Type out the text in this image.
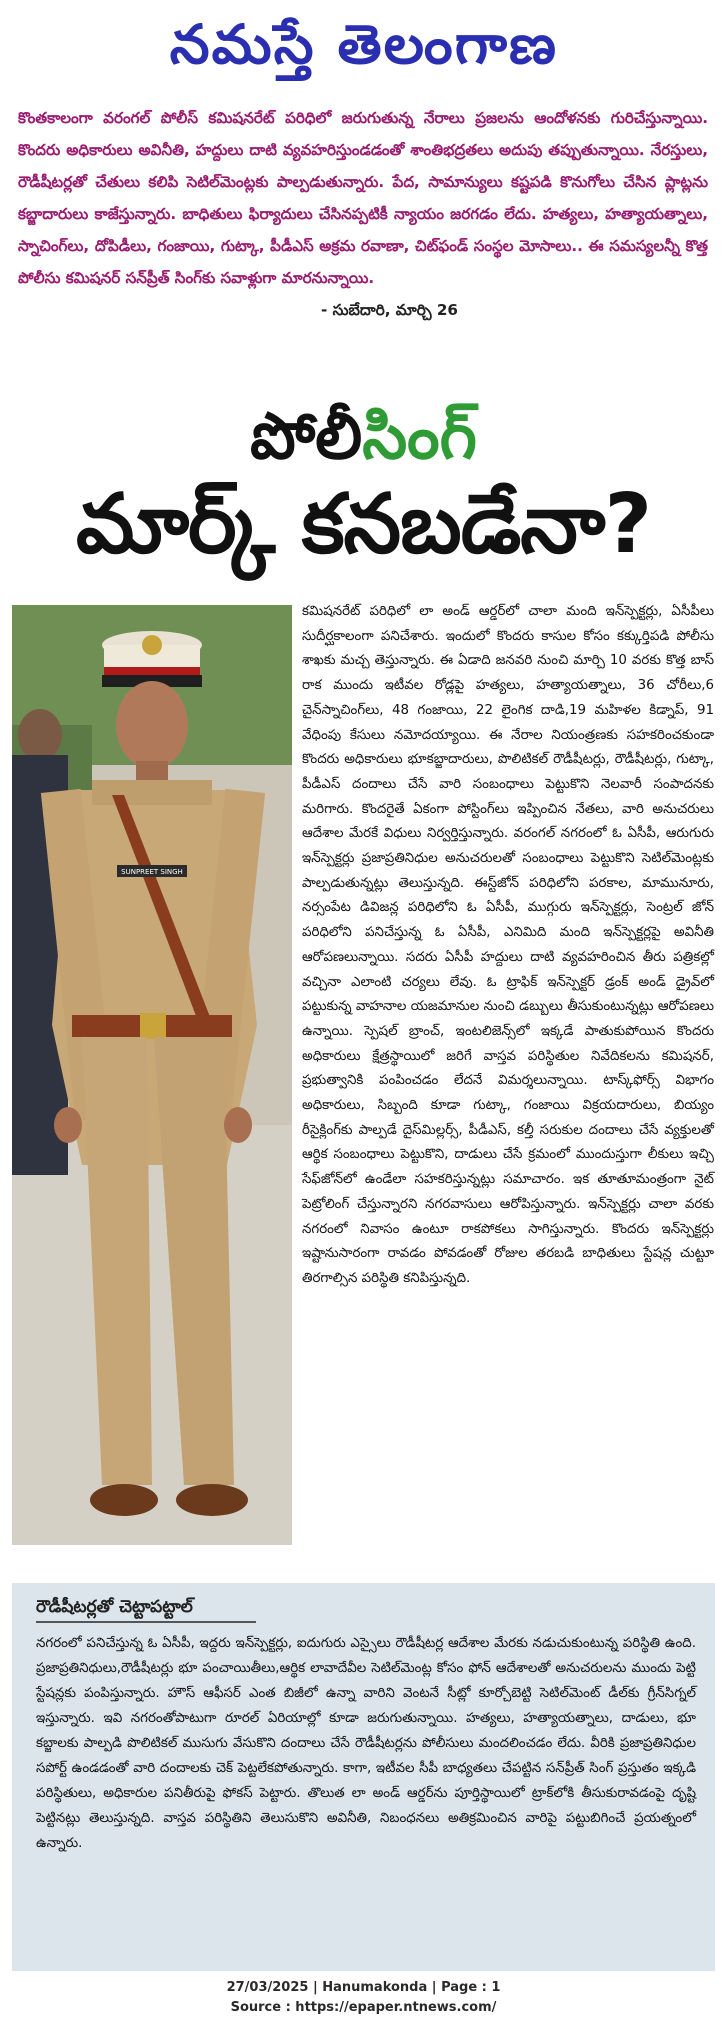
నమస్తే తెలంగాణ

కొంతకాలంగా వరంగల్ పోలీస్ కమిషనరేట్ పరిధిలో జరుగుతున్న నేరాలు ప్రజలను ఆందోళనకు గురిచేస్తున్నాయి. కొందరు అధికారులు అవినీతి, హద్దులు దాటి వ్యవహరిస్తుండడంతో శాంతిభద్రతలు అదుపు తప్పుతున్నాయి. నేరస్తులు, రౌడీషీటర్లతో చేతులు కలిపి సెటిల్‌మెంట్లకు పాల్పడుతున్నారు. పేద, సామాన్యులు కష్టపడి కొనుగోలు చేసిన ప్లాట్లను కబ్జాదారులు కాజేస్తున్నారు. బాధితులు ఫిర్యాదులు చేసినప్పటికీ న్యాయం జరగడం లేదు. హత్యలు, హత్యాయత్నాలు, స్నాచింగ్‌లు, దోపిడీలు, గంజాయి, గుట్కా, పీడీఎస్ అక్రమ రవాణా, చిట్‌ఫండ్ సంస్థల మోసాలు.. ఈ సమస్యలన్నీ కొత్త పోలీసు కమిషనర్ సన్‌ప్రీత్ సింగ్‌కు సవాళ్లుగా మారనున్నాయి.
- సుబేదారి, మార్చి 26

పోలీసింగ్
మార్క్ కనబడేనా?
SUNPREET SINGH

కమిషనరేట్ పరిధిలో లా అండ్ ఆర్డర్‌లో చాలా మంది ఇన్‌స్పెక్టర్లు, ఏసీపీలు సుదీర్ఘకాలంగా పనిచేశారు. ఇందులో కొందరు కాసుల కోసం కక్కుర్తిపడి పోలీసు శాఖకు మచ్చ తెస్తున్నారు. ఈ ఏడాది జనవరి నుంచి మార్చి 10 వరకు కొత్త బాస్ రాక ముందు ఇటీవల రోడ్లపై హత్యలు, హత్యాయత్నాలు, 36 చోరీలు,6 చైన్‌స్నాచింగ్‌లు, 48 గంజాయి, 22 లైంగిక దాడి,19 మహిళల కిడ్నాప్, 91 వేధింపు కేసులు నమోదయ్యాయి. ఈ నేరాల నియంత్రణకు సహకరించకుండా కొందరు అధికారులు భూకబ్జాదారులు, పొలిటికల్ రౌడీషీటర్లు, రౌడీషీటర్లు, గుట్కా, పీడీఎస్ దందాలు చేసే వారి సంబంధాలు పెట్టుకొని నెలవారీ సంపాదనకు మరిగారు. కొందరైతే ఏకంగా పోస్టింగ్‌లు ఇప్పించిన నేతలు, వారి అనుచరులు ఆదేశాల మేరకే విధులు నిర్వర్తిస్తున్నారు. వరంగల్ నగరంలో ఓ ఏసీపీ, ఆరుగురు ఇన్‌స్పెక్టర్లు ప్రజాప్రతినిధుల అనుచరులతో సంబంధాలు పెట్టుకొని సెటిల్‌మెంట్లకు పాల్పడుతున్నట్లు తెలుస్తున్నది. ఈస్ట్‌జోన్ పరిధిలోని పరకాల, మామునూరు, నర్సంపేట డివిజన్ల పరిధిలోని ఓ ఏసీపీ, ముగ్గురు ఇన్‌స్పెక్టర్లు, సెంట్రల్ జోన్ పరిధిలోని పనిచేస్తున్న ఓ ఏసీపీ, ఎనిమిది మంది ఇన్‌స్పెక్టర్లపై అవినీతి ఆరోపణలున్నాయి. సదరు ఏసీపీ హద్దులు దాటి వ్యవహరించిన తీరు పత్రికల్లో వచ్చినా ఎలాంటి చర్యలు లేవు. ఓ ట్రాఫిక్ ఇన్‌స్పెక్టర్ డ్రంక్ అండ్ డ్రైవ్‌లో పట్టుకున్న వాహనాల యజమానుల నుంచి డబ్బులు తీసుకుంటున్నట్లు ఆరోపణలు ఉన్నాయి. స్పెషల్ బ్రాంచ్, ఇంటలిజెన్స్‌లో ఇక్కడే పాతుకుపోయిన కొందరు అధికారులు క్షేత్రస్థాయిలో జరిగే వాస్తవ పరిస్థితుల నివేదికలను కమిషనర్, ప్రభుత్వానికి పంపించడం లేదనే విమర్శలున్నాయి. టాస్క్‌ఫోర్స్ విభాగం అధికారులు, సిబ్బంది కూడా గుట్కా, గంజాయి విక్రయదారులు, బియ్యం రీసైక్లింగ్‌కు పాల్పడే దైస్‌మిల్లర్స్, పీడీఎస్, కల్తీ సరుకుల దందాలు చేసే వ్యక్తులతో ఆర్థిక సంబంధాలు పెట్టుకొని, దాడులు చేసే క్రమంలో ముందుస్తుగా లీకులు ఇచ్చి సేఫ్‌జోన్‌లో ఉండేలా సహకరిస్తున్నట్లు సమాచారం. ఇక తూతూమంత్రంగా నైట్ పెట్రోలింగ్ చేస్తున్నారని నగరవాసులు ఆరోపిస్తున్నారు. ఇన్‌స్పెక్టర్లు చాలా వరకు నగరంలో నివాసం ఉంటూ రాకపోకలు సాగిస్తున్నారు. కొందరు ఇన్‌స్పెక్టర్లు ఇష్టానుసారంగా రావడం పోవడంతో రోజుల తరబడి బాధితులు స్టేషన్ల చుట్టూ తిరగాల్సిన పరిస్థితి కనిపిస్తున్నది.

రౌడీషీటర్లతో చెట్టాపట్టాల్

నగరంలో పనిచేస్తున్న ఓ ఏసీపీ, ఇద్దరు ఇన్‌స్పెక్టర్లు, ఐదుగురు ఎస్సైలు రౌడీషీటర్ల ఆదేశాల మేరకు నడుచుకుంటున్న పరిస్థితి ఉంది. ప్రజాప్రతినిధులు,రౌడీషీటర్లు భూ పంచాయితీలు,ఆర్థిక లావాదేవీల సెటిల్‌మెంట్ల కోసం ఫోన్ ఆదేశాలతో అనుచరులను ముందు పెట్టి స్టేషన్లకు పంపిస్తున్నారు. హౌస్ ఆఫీసర్ ఎంత బిజీలో ఉన్నా వారిని వెంటనే సీట్లో కూర్చోబెట్టి సెటిల్‌మెంట్ డీల్‌కు గ్రీన్‌సిగ్నల్ ఇస్తున్నారు. ఇవి నగరంతోపాటుగా రూరల్ ఏరియాల్లో కూడా జరుగుతున్నాయి. హత్యలు, హత్యాయత్నాలు, దాడులు, భూ కబ్జాలకు పాల్పడి పొలిటికల్ ముసుగు వేసుకొని దందాలు చేసే రౌడీషీటర్లను పోలీసులు మందలించడం లేదు. వీరికి ప్రజాప్రతినిధుల సపోర్ట్ ఉండడంతో వారి దందాలకు చెక్ పెట్టలేకపోతున్నారు. కాగా, ఇటీవల సీపీ బాధ్యతలు చేపట్టిన సన్‌ప్రీత్ సింగ్ ప్రస్తుతం ఇక్కడి పరిస్థితులు, అధికారుల పనితీరుపై ఫోకస్ పెట్టారు. తొలుత లా అండ్ ఆర్డర్‌ను పూర్తిస్థాయిలో ట్రాక్‌లోకి తీసుకురావడంపై దృష్టి పెట్టినట్లు తెలుస్తున్నది. వాస్తవ పరిస్థితిని తెలుసుకొని అవినీతి, నిబంధనలు అతిక్రమించిన వారిపై పట్టుబిగించే ప్రయత్నంలో ఉన్నారు.

27/03/2025 | Hanumakonda | Page : 1
Source : https://epaper.ntnews.com/
